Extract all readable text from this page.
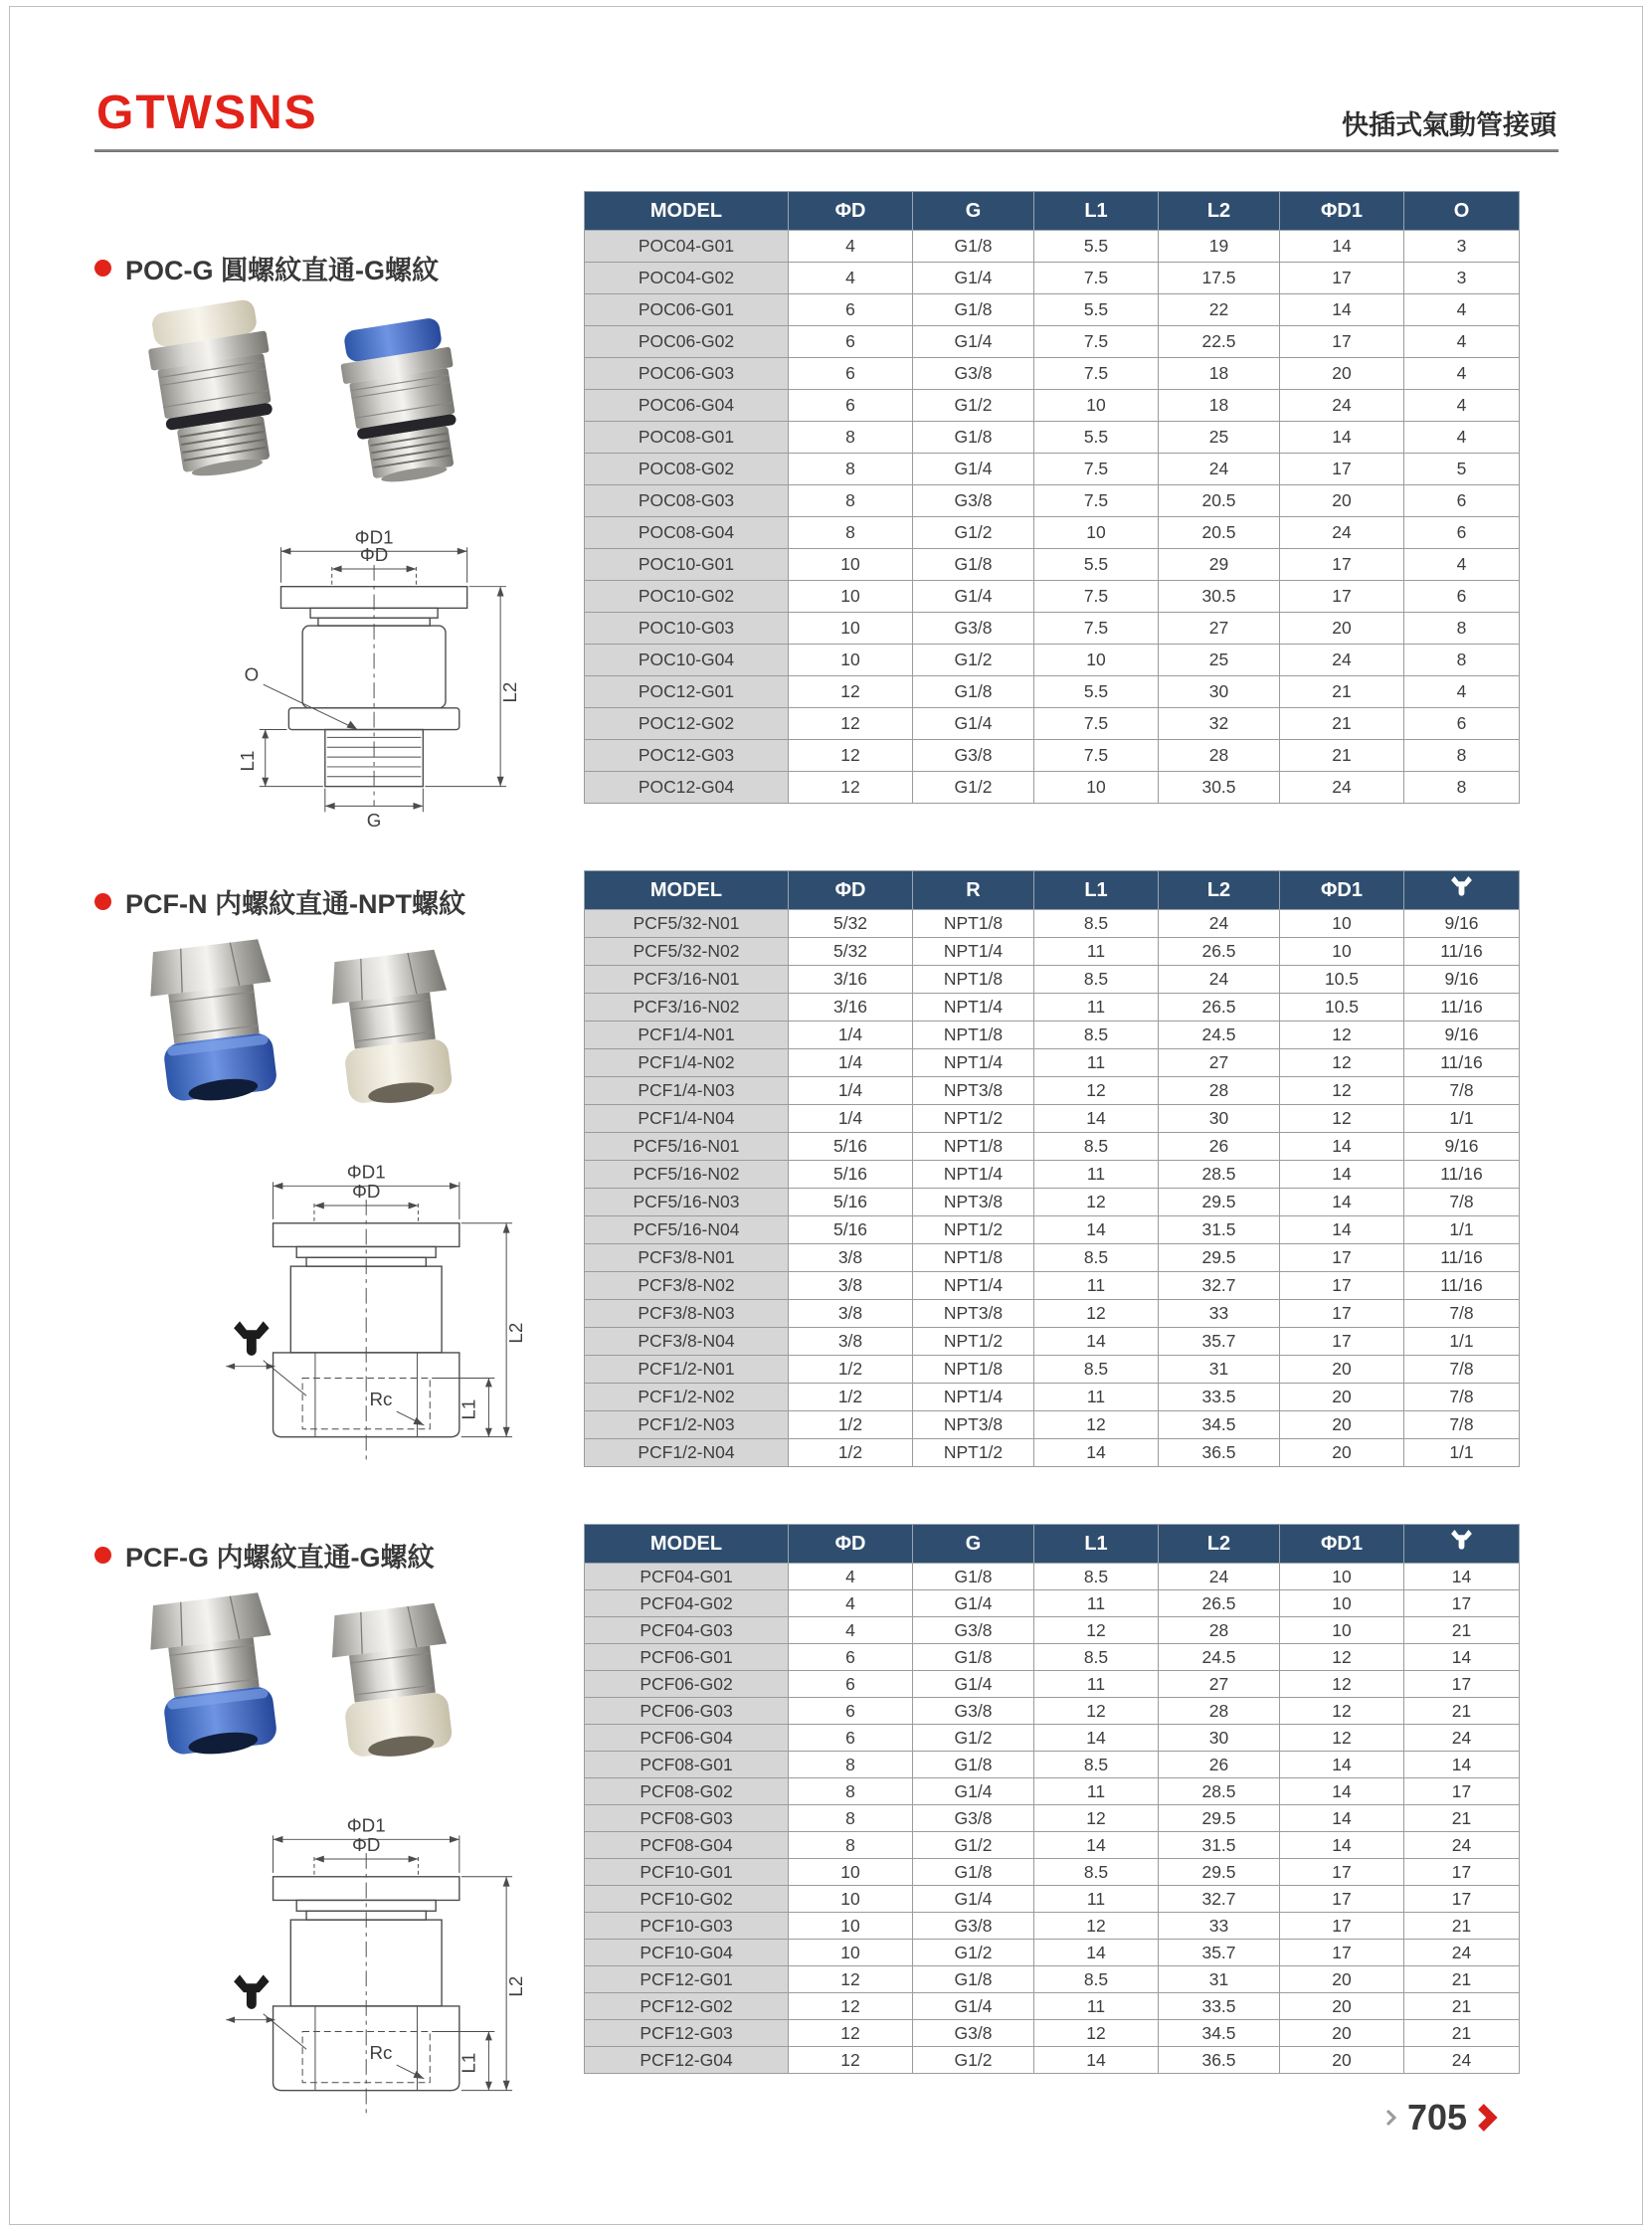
GTWSNS	快插式氣動管接頭
POC-G 圓螺紋直通-G螺紋
ΦD1
ΦD
L2
L1
G
O
MODEL	ΦD	G	L1	L2	ΦD1	O
POC04-G01	4	G1/8	5.5	19	14	3
POC04-G02	4	G1/4	7.5	17.5	17	3
POC06-G01	6	G1/8	5.5	22	14	4
POC06-G02	6	G1/4	7.5	22.5	17	4
POC06-G03	6	G3/8	7.5	18	20	4
POC06-G04	6	G1/2	10	18	24	4
POC08-G01	8	G1/8	5.5	25	14	4
POC08-G02	8	G1/4	7.5	24	17	5
POC08-G03	8	G3/8	7.5	20.5	20	6
POC08-G04	8	G1/2	10	20.5	24	6
POC10-G01	10	G1/8	5.5	29	17	4
POC10-G02	10	G1/4	7.5	30.5	17	6
POC10-G03	10	G3/8	7.5	27	20	8
POC10-G04	10	G1/2	10	25	24	8
POC12-G01	12	G1/8	5.5	30	21	4
POC12-G02	12	G1/4	7.5	32	21	6
POC12-G03	12	G3/8	7.5	28	21	8
POC12-G04	12	G1/2	10	30.5	24	8
PCF-N 内螺紋直通-NPT螺紋
ΦD1
ΦD
L2
L1
Rc
MODEL	ΦD	R	L1	L2	ΦD1	
PCF5/32-N01	5/32	NPT1/8	8.5	24	10	9/16
PCF5/32-N02	5/32	NPT1/4	11	26.5	10	11/16
PCF3/16-N01	3/16	NPT1/8	8.5	24	10.5	9/16
PCF3/16-N02	3/16	NPT1/4	11	26.5	10.5	11/16
PCF1/4-N01	1/4	NPT1/8	8.5	24.5	12	9/16
PCF1/4-N02	1/4	NPT1/4	11	27	12	11/16
PCF1/4-N03	1/4	NPT3/8	12	28	12	7/8
PCF1/4-N04	1/4	NPT1/2	14	30	12	1/1
PCF5/16-N01	5/16	NPT1/8	8.5	26	14	9/16
PCF5/16-N02	5/16	NPT1/4	11	28.5	14	11/16
PCF5/16-N03	5/16	NPT3/8	12	29.5	14	7/8
PCF5/16-N04	5/16	NPT1/2	14	31.5	14	1/1
PCF3/8-N01	3/8	NPT1/8	8.5	29.5	17	11/16
PCF3/8-N02	3/8	NPT1/4	11	32.7	17	11/16
PCF3/8-N03	3/8	NPT3/8	12	33	17	7/8
PCF3/8-N04	3/8	NPT1/2	14	35.7	17	1/1
PCF1/2-N01	1/2	NPT1/8	8.5	31	20	7/8
PCF1/2-N02	1/2	NPT1/4	11	33.5	20	7/8
PCF1/2-N03	1/2	NPT3/8	12	34.5	20	7/8
PCF1/2-N04	1/2	NPT1/2	14	36.5	20	1/1
PCF-G 内螺紋直通-G螺紋
ΦD1
ΦD
L2
L1
Rc
MODEL	ΦD	G	L1	L2	ΦD1	
PCF04-G01	4	G1/8	8.5	24	10	14
PCF04-G02	4	G1/4	11	26.5	10	17
PCF04-G03	4	G3/8	12	28	10	21
PCF06-G01	6	G1/8	8.5	24.5	12	14
PCF06-G02	6	G1/4	11	27	12	17
PCF06-G03	6	G3/8	12	28	12	21
PCF06-G04	6	G1/2	14	30	12	24
PCF08-G01	8	G1/8	8.5	26	14	14
PCF08-G02	8	G1/4	11	28.5	14	17
PCF08-G03	8	G3/8	12	29.5	14	21
PCF08-G04	8	G1/2	14	31.5	14	24
PCF10-G01	10	G1/8	8.5	29.5	17	17
PCF10-G02	10	G1/4	11	32.7	17	17
PCF10-G03	10	G3/8	12	33	17	21
PCF10-G04	10	G1/2	14	35.7	17	24
PCF12-G01	12	G1/8	8.5	31	20	21
PCF12-G02	12	G1/4	11	33.5	20	21
PCF12-G03	12	G3/8	12	34.5	20	21
PCF12-G04	12	G1/2	14	36.5	20	24
705
